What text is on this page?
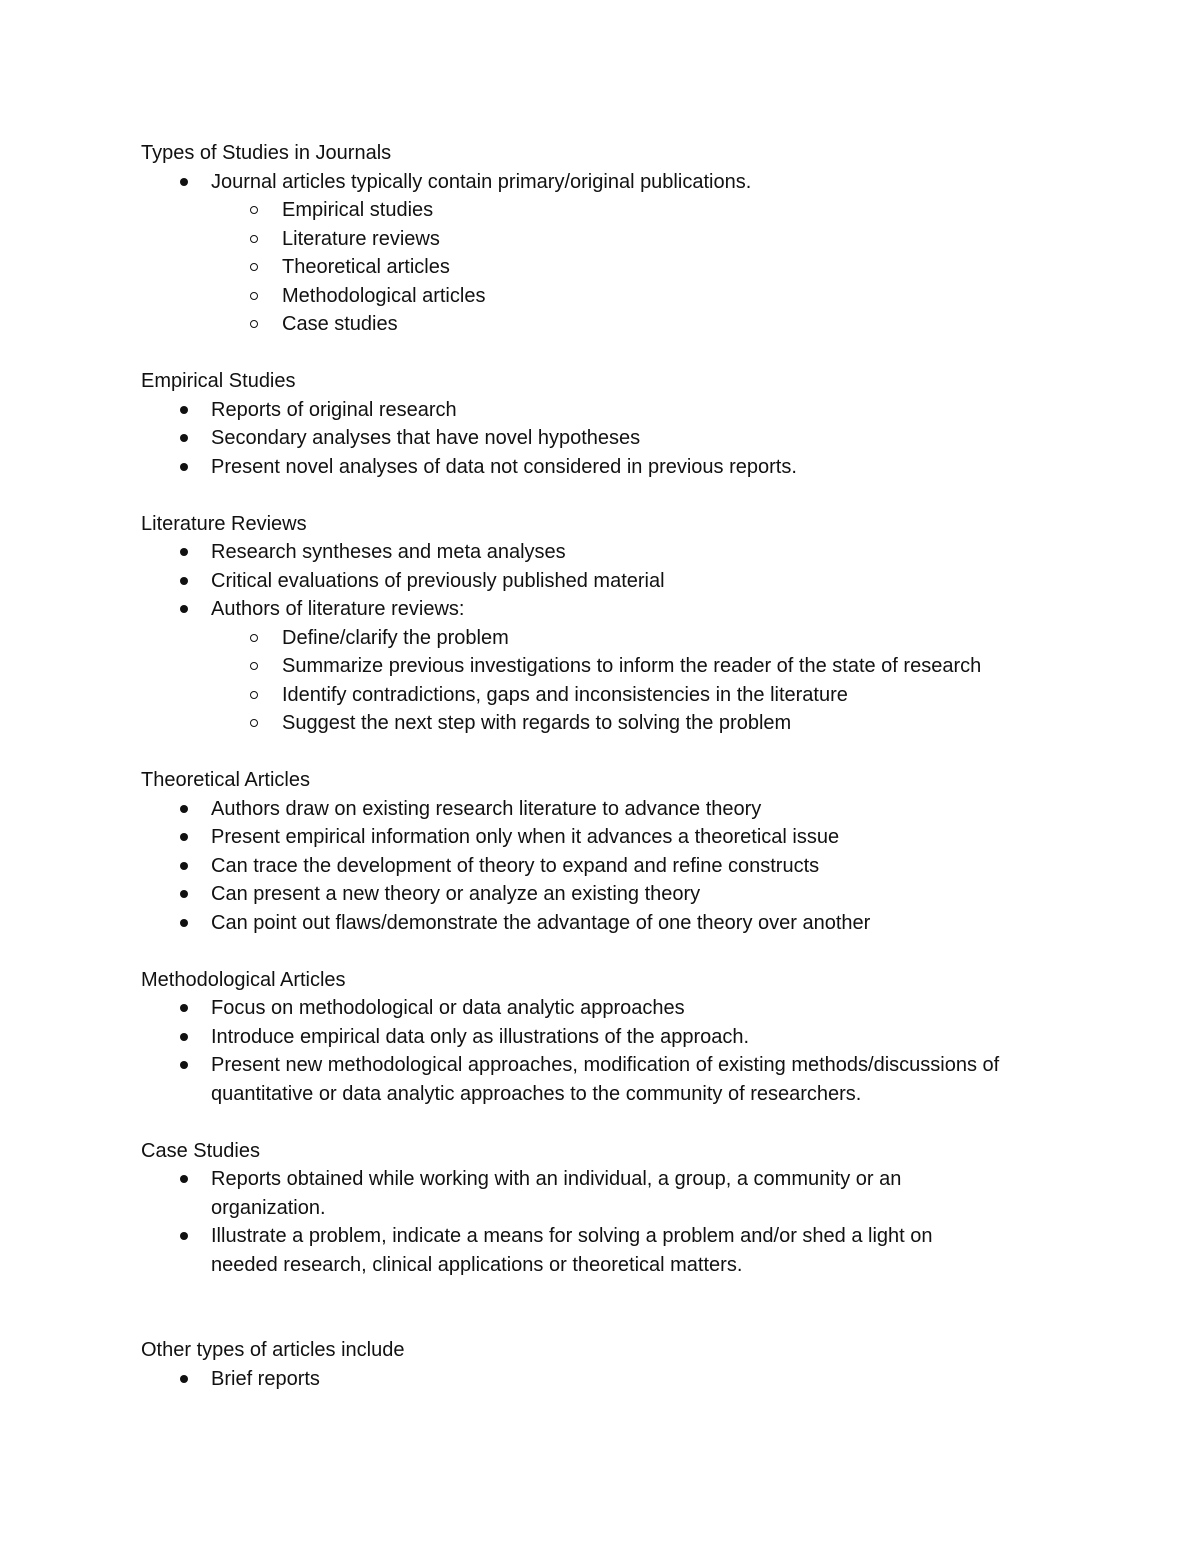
Types of Studies in Journals

Journal articles typically contain primary/original publications.
Empirical studies
Literature reviews
Theoretical articles
Methodological articles
Case studies

Empirical Studies

Reports of original research
Secondary analyses that have novel hypotheses
Present novel analyses of data not considered in previous reports.

Literature Reviews

Research syntheses and meta analyses
Critical evaluations of previously published material
Authors of literature reviews:
Define/clarify the problem
Summarize previous investigations to inform the reader of the state of research
Identify contradictions, gaps and inconsistencies in the literature
Suggest the next step with regards to solving the problem

Theoretical Articles

Authors draw on existing research literature to advance theory
Present empirical information only when it advances a theoretical issue
Can trace the development of theory to expand and refine constructs
Can present a new theory or analyze an existing theory
Can point out flaws/demonstrate the advantage of one theory over another

Methodological Articles

Focus on methodological or data analytic approaches
Introduce empirical data only as illustrations of the approach.
Present new methodological approaches, modification of existing methods/discussions of quantitative or data analytic approaches to the community of researchers.

Case Studies

Reports obtained while working with an individual, a group, a community or an organization.
Illustrate a problem, indicate a means for solving a problem and/or shed a light on needed research, clinical applications or theoretical matters.

Other types of articles include

Brief reports
